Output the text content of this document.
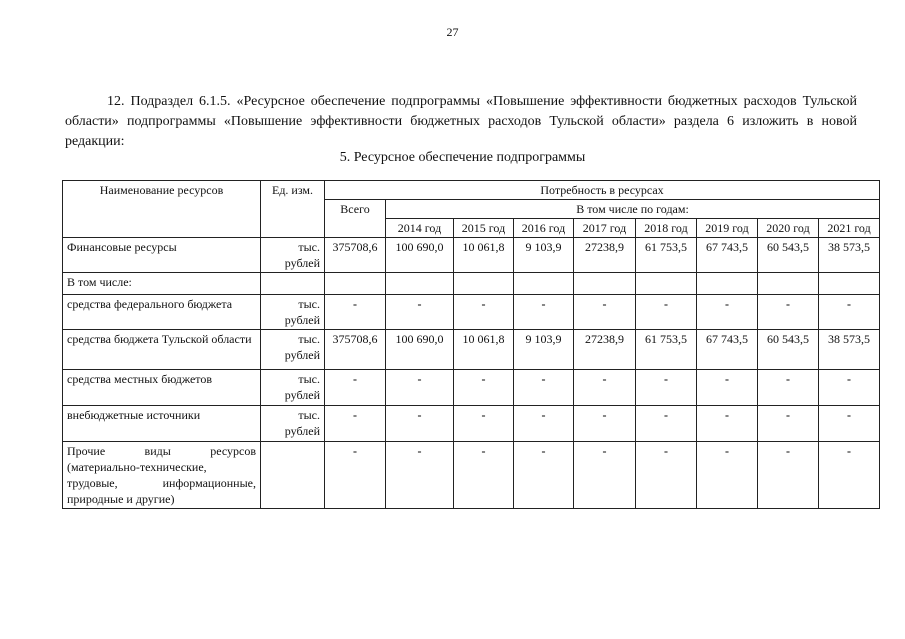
27
12. Подраздел 6.1.5. «Ресурсное обеспечение подпрограммы «Повышение эффективности бюджетных расходов Тульской области» подпрограммы «Повышение эффективности бюджетных расходов Тульской области» раздела 6 изложить в новой редакции:
5. Ресурсное обеспечение подпрограммы
Наименование ресурсов	Ед. изм.	Потребность в ресурсах								
		Всего	В том числе по годам:							
			2014 год	2015 год	2016 год	2017 год	2018 год	2019 год	2020 год	2021 год
Финансовые ресурсы	тыс. рублей	375708,6	100 690,0	10 061,8	9 103,9	27238,9	61 753,5	67 743,5	60 543,5	38 573,5
В том числе:										
средства федерального бюджета	тыс. рублей	-	-	-	-	-	-	-	-	-
средства бюджета Тульской области	тыс. рублей	375708,6	100 690,0	10 061,8	9 103,9	27238,9	61 753,5	67 743,5	60 543,5	38 573,5
средства местных бюджетов	тыс. рублей	-	-	-	-	-	-	-	-	-
внебюджетные источники	тыс. рублей	-	-	-	-	-	-	-	-	-
Прочие виды ресурсов (материально-технические, трудовые, информационные, природные и другие)		-	-	-	-	-	-	-	-	-
